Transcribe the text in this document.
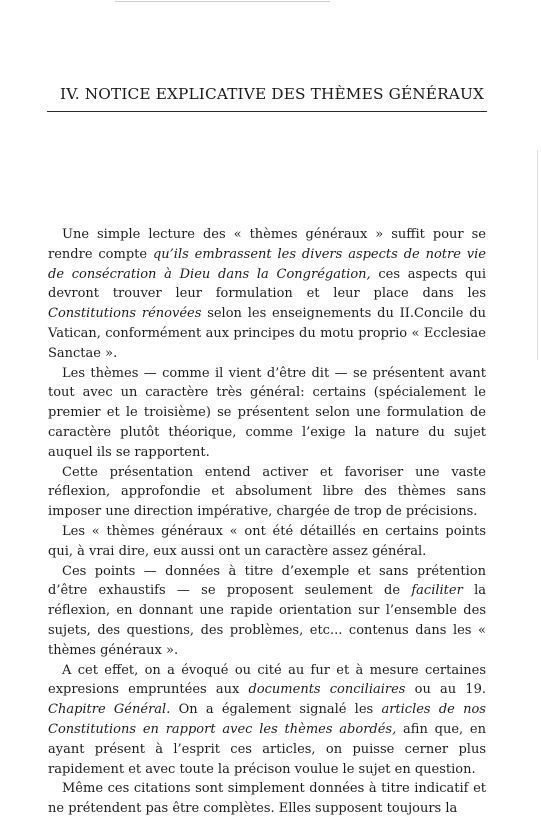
IV. NOTICE EXPLICATIVE DES THÈMES GÉNÉRAUX

Une simple lecture des « thèmes généraux » suffit pour se rendre compte qu’ils embrassent les divers aspects de notre vie de consécration à Dieu dans la Congrégation, ces aspects qui devront trouver leur formulation et leur place dans les Constitutions rénovées selon les enseignements du II.Concile du Vatican, conformément aux principes du motu proprio « Ecclesiae Sanctae ».

Les thèmes — comme il vient d’être dit — se présentent avant tout avec un caractère très général: certains (spécialement le premier et le troisième) se présentent selon une formulation de caractère plutôt théorique, comme l’exige la nature du sujet auquel ils se rapportent.

Cette présentation entend activer et favoriser une vaste réflexion, approfondie et absolument libre des thèmes sans imposer une direction impérative, chargée de trop de précisions.

Les « thèmes généraux « ont été détaillés en certains points qui, à vrai dire, eux aussi ont un caractère assez général.

Ces points — données à titre d’exemple et sans prétention d’être exhaustifs — se proposent seulement de faciliter la réflexion, en donnant une rapide orientation sur l’ensemble des sujets, des questions, des problèmes, etc... contenus dans les « thèmes généraux ».

A cet effet, on a évoqué ou cité au fur et à mesure certaines expresions empruntées aux documents conciliaires ou au 19. Chapitre Général. On a également signalé les articles de nos Constitutions en rapport avec les thèmes abordés, afin que, en ayant présent à l’esprit ces articles, on puisse cerner plus rapidement et avec toute la précison voulue le sujet en question.

Même ces citations sont simplement données à titre indicatif et ne prétendent pas être complètes. Elles supposent toujours la
